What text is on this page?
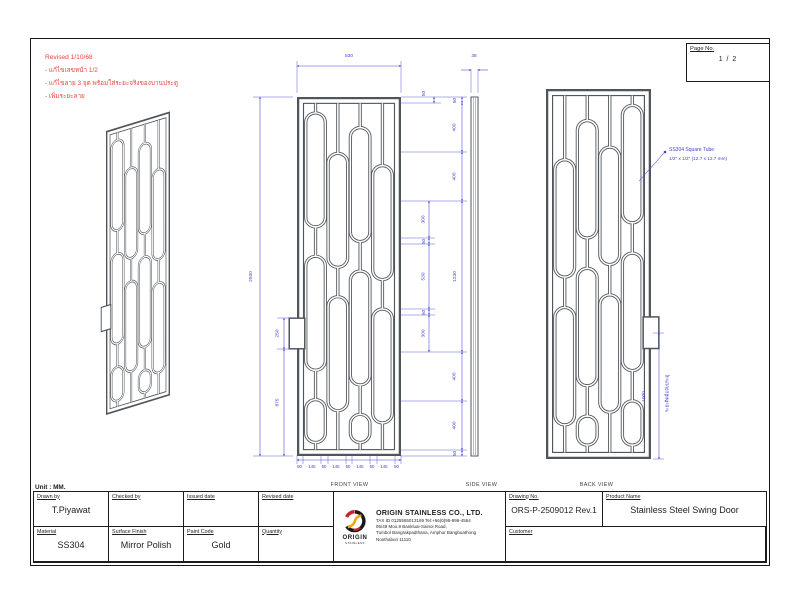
Revised 1/10/68
- แก้ไขเลขหน้า 1/2
- แก้ไขลาย 3 จุด พร้อมใส่ระยะจริงของบานประตู
- เพิ่มระยะลาย
Page No.
1 / 2
830	38
2930
250
875
50
300
50
530
50
300
50
400
400
1230
400
400
50
50	145	50	145	50	145	50	145	50
1000	ระยะติดมือจับประตู
SS304 Square Tube
1/2" x 1/2" (12.7 x 12.7 mm)
FRONT VIEW	SIDE VIEW	BACK VIEW
Unit : MM.
Drawn by
T.Piyawat
Checked by	Issued date	Revised date
ORIGIN
STAINLESS
ORIGIN STAINLESS CO., LTD.
TAX ID 0125565013169 Tel:+66(0)95-996-4564
95/49 Moo.8 Bankluai-Sainoi Road,
Tumbol Bangrakpadthana, Amphur Bangbuathong
Nonthaburi 11110
Drawing No.
ORS-P-2509012 Rev.1
Product Name
Stainless Steel Swing Door
Material
SS304
Surface Finish
Mirror Polish
Paint Code
Gold
Quantity	Customer
